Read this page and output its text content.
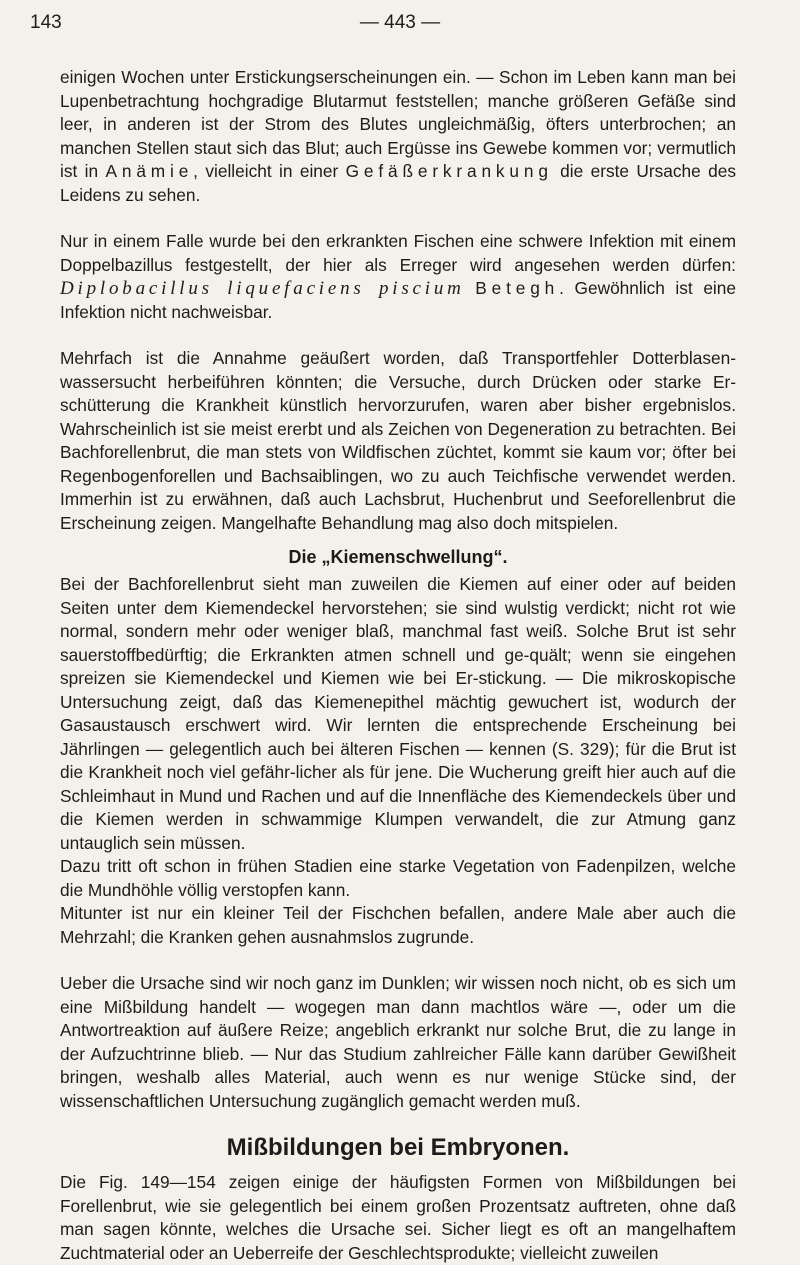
143	— 443 —

einigen Wochen unter Erstickungserscheinungen ein. — Schon im Leben kann man bei Lupenbetrachtung hochgradige Blutarmut feststellen; manche größeren Gefäße sind leer, in anderen ist der Strom des Blutes ungleichmäßig, öfters unterbrochen; an manchen Stellen staut sich das Blut; auch Ergüsse ins Gewebe kommen vor; vermutlich ist in Anämie, vielleicht in einer Gefäßerkrankung die erste Ursache des Leidens zu sehen.

Nur in einem Falle wurde bei den erkrankten Fischen eine schwere Infektion mit einem Doppelbazillus festgestellt, der hier als Erreger wird angesehen werden dürfen: Diplobacillus liquefaciens piscium Betegh. Gewöhnlich ist eine Infektion nicht nachweisbar.

Mehrfach ist die Annahme geäußert worden, daß Transportfehler Dotterblasen-wassersucht herbeiführen könnten; die Versuche, durch Drücken oder starke Er-schütterung die Krankheit künstlich hervorzurufen, waren aber bisher ergebnislos. Wahrscheinlich ist sie meist ererbt und als Zeichen von Degeneration zu betrachten. Bei Bachforellenbrut, die man stets von Wildfischen züchtet, kommt sie kaum vor; öfter bei Regenbogenforellen und Bachsaiblingen, wo zu auch Teichfische verwendet werden. Immerhin ist zu erwähnen, daß auch Lachsbrut, Huchenbrut und Seeforellenbrut die Erscheinung zeigen. Mangelhafte Behandlung mag also doch mitspielen.

Die „Kiemenschwellung“.

Bei der Bachforellenbrut sieht man zuweilen die Kiemen auf einer oder auf beiden Seiten unter dem Kiemendeckel hervorstehen; sie sind wulstig verdickt; nicht rot wie normal, sondern mehr oder weniger blaß, manchmal fast weiß. Solche Brut ist sehr sauerstoffbedürftig; die Erkrankten atmen schnell und ge-quält; wenn sie eingehen spreizen sie Kiemendeckel und Kiemen wie bei Er-stickung. — Die mikroskopische Untersuchung zeigt, daß das Kiemenepithel mächtig gewuchert ist, wodurch der Gasaustausch erschwert wird. Wir lernten die entsprechende Erscheinung bei Jährlingen — gelegentlich auch bei älteren Fischen — kennen (S. 329); für die Brut ist die Krankheit noch viel gefähr-licher als für jene. Die Wucherung greift hier auch auf die Schleimhaut in Mund und Rachen und auf die Innenfläche des Kiemendeckels über und die Kiemen werden in schwammige Klumpen verwandelt, die zur Atmung ganz untauglich sein müssen.

Dazu tritt oft schon in frühen Stadien eine starke Vegetation von Fadenpilzen, welche die Mundhöhle völlig verstopfen kann.

Mitunter ist nur ein kleiner Teil der Fischchen befallen, andere Male aber auch die Mehrzahl; die Kranken gehen ausnahmslos zugrunde.

Ueber die Ursache sind wir noch ganz im Dunklen; wir wissen noch nicht, ob es sich um eine Mißbildung handelt — wogegen man dann machtlos wäre —, oder um die Antwortreaktion auf äußere Reize; angeblich erkrankt nur solche Brut, die zu lange in der Aufzuchtrinne blieb. — Nur das Studium zahlreicher Fälle kann darüber Gewißheit bringen, weshalb alles Material, auch wenn es nur wenige Stücke sind, der wissenschaftlichen Untersuchung zugänglich gemacht werden muß.

Mißbildungen bei Embryonen.

Die Fig. 149—154 zeigen einige der häufigsten Formen von Mißbildungen bei Forellenbrut, wie sie gelegentlich bei einem großen Prozentsatz auftreten, ohne daß man sagen könnte, welches die Ursache sei. Sicher liegt es oft an mangelhaftem Zuchtmaterial oder an Ueberreife der Geschlechtsprodukte; vielleicht zuweilen
